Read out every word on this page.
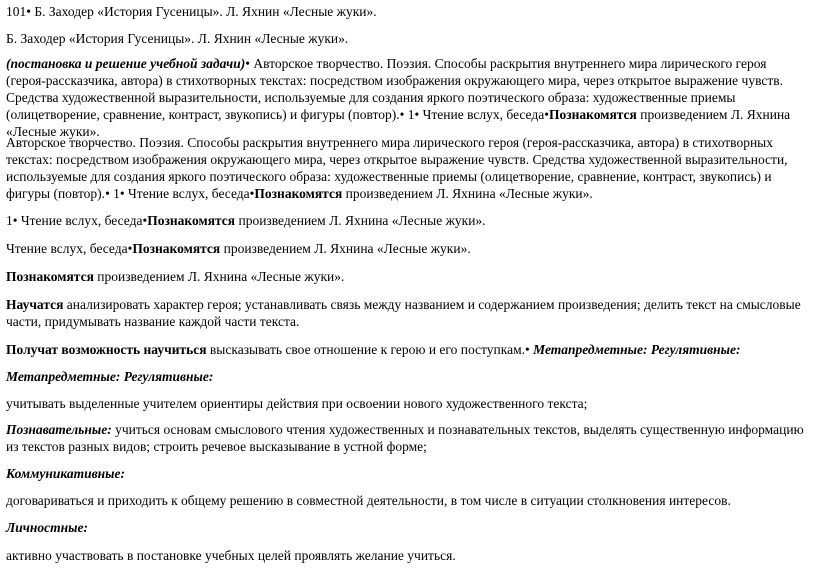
101• Б. Заходер «История Гусеницы». Л. Яхнин «Лесные жуки».

Б. Заходер «История Гусеницы». Л. Яхнин «Лесные жуки».

(постановка и решение учебной задачи)• Авторское творчество. Поэзия. Способы раскрытия внутреннего мира лирического героя (героя-рассказчика, автора) в стихотворных текстах: посредством изображения окружающего мира, через открытое выражение чувств. Средства художественной выразительности, используемые для создания яркого поэтического образа: художественные приемы (олицетворение, сравнение, контраст, звукопись) и фигуры (повтор).• 1• Чтение вслух, беседа•Познакомятся произведением Л. Яхнина «Лесные жуки».

Авторское творчество. Поэзия. Способы раскрытия внутреннего мира лирического героя (героя-рассказчика, автора) в стихотворных текстах: посредством изображения окружающего мира, через открытое выражение чувств. Средства художественной выразительности, используемые для создания яркого поэтического образа: художественные приемы (олицетворение, сравнение, контраст, звукопись) и фигуры (повтор).• 1• Чтение вслух, беседа•Познакомятся произведением Л. Яхнина «Лесные жуки».

1• Чтение вслух, беседа•Познакомятся произведением Л. Яхнина «Лесные жуки».

Чтение вслух, беседа•Познакомятся произведением Л. Яхнина «Лесные жуки».

Познакомятся произведением Л. Яхнина «Лесные жуки».

Научатся анализировать характер героя; устанавливать связь между названием и содержанием произведения; делить текст на смысловые части, придумывать название каждой части текста.

Получат возможность научиться высказывать свое отношение к герою и его поступкам.• Метапредметные: Регулятивные:

Метапредметные: Регулятивные:

учитывать выделенные учителем ориентиры действия при освоении нового художественного текста;

Познавательные: учиться основам смыслового чтения художественных и познавательных текстов, выделять существенную информацию из текстов разных видов; строить речевое высказывание в устной форме;

Коммуникативные:

договариваться и приходить к общему решению в совместной деятельности, в том числе в ситуации столкновения интересов.

Личностные:

активно участвовать в постановке учебных целей проявлять желание учиться.
